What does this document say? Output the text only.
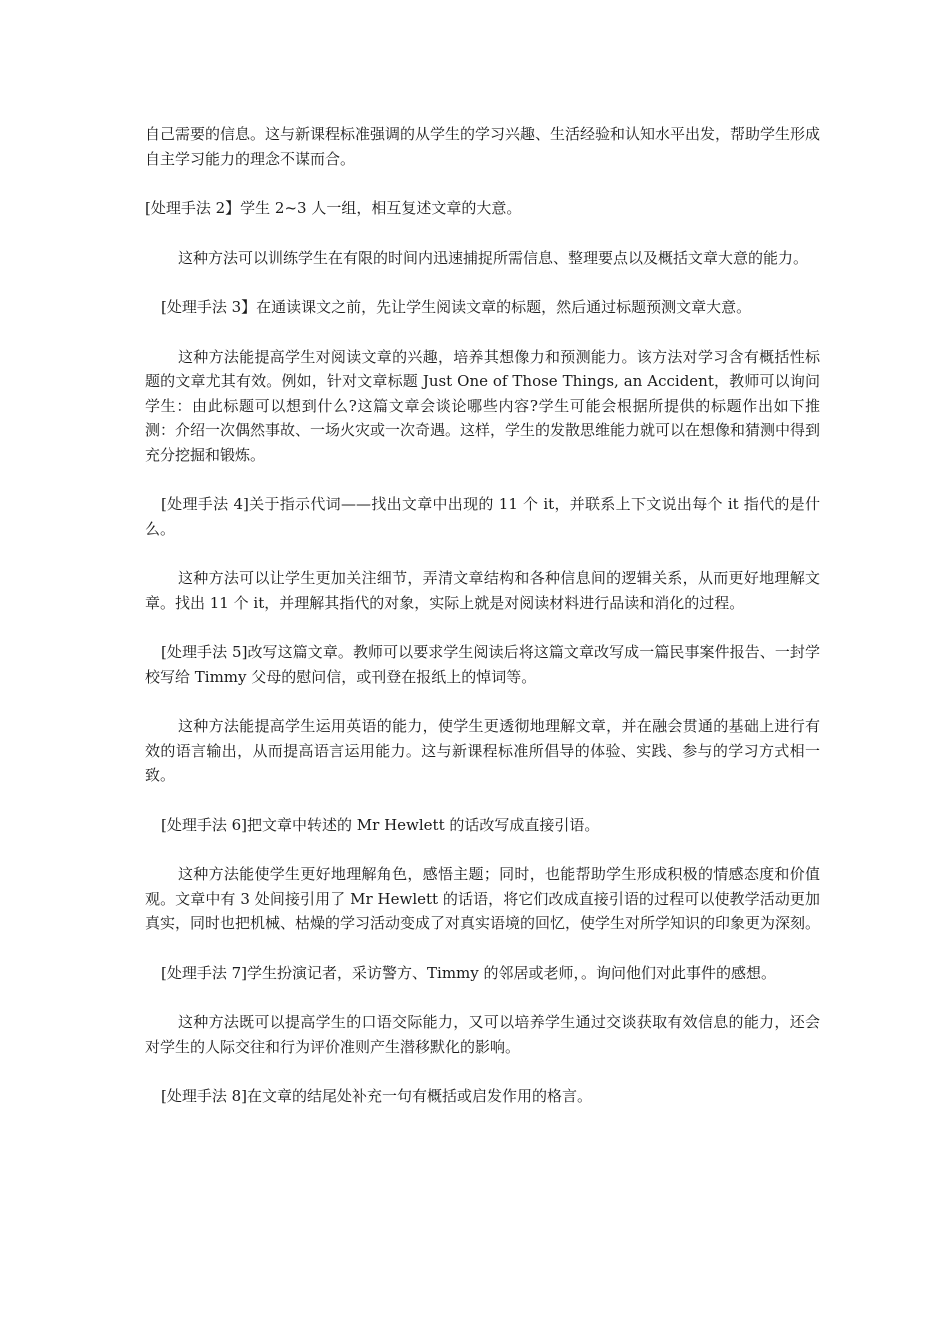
自己需要的信息。这与新课程标准强调的从学生的学习兴趣、生活经验和认知水平出发，帮助学生形成自主学习能力的理念不谋而合。

[处理手法 2】学生 2~3 人一组，相互复述文章的大意。

这种方法可以训练学生在有限的时间内迅速捕捉所需信息、整理要点以及概括文章大意的能力。

[处理手法 3】在通读课文之前，先让学生阅读文章的标题，然后通过标题预测文章大意。

这种方法能提高学生对阅读文章的兴趣，培养其想像力和预测能力。该方法对学习含有概括性标题的文章尤其有效。例如，针对文章标题 Just One of Those Things, an Accident，教师可以询问学生：由此标题可以想到什么?这篇文章会谈论哪些内容?学生可能会根据所提供的标题作出如下推测：介绍一次偶然事故、一场火灾或一次奇遇。这样，学生的发散思维能力就可以在想像和猜测中得到充分挖掘和锻炼。

[处理手法 4]关于指示代词——找出文章中出现的 11 个 it，并联系上下文说出每个 it 指代的是什么。

这种方法可以让学生更加关注细节，弄清文章结构和各种信息间的逻辑关系，从而更好地理解文章。找出 11 个 it，并理解其指代的对象，实际上就是对阅读材料进行品读和消化的过程。

[处理手法 5]改写这篇文章。教师可以要求学生阅读后将这篇文章改写成一篇民事案件报告、一封学校写给 Timmy 父母的慰问信，或刊登在报纸上的悼词等。

这种方法能提高学生运用英语的能力，使学生更透彻地理解文章，并在融会贯通的基础上进行有效的语言输出，从而提高语言运用能力。这与新课程标准所倡导的体验、实践、参与的学习方式相一致。

[处理手法 6]把文章中转述的 Mr Hewlett 的话改写成直接引语。

这种方法能使学生更好地理解角色，感悟主题；同时，也能帮助学生形成积极的情感态度和价值观。文章中有 3 处间接引用了 Mr Hewlett 的话语，将它们改成直接引语的过程可以使教学活动更加真实，同时也把机械、枯燥的学习活动变成了对真实语境的回忆，使学生对所学知识的印象更为深刻。

[处理手法 7]学生扮演记者，采访警方、Timmy 的邻居或老师，。询问他们对此事件的感想。

这种方法既可以提高学生的口语交际能力，又可以培养学生通过交谈获取有效信息的能力，还会对学生的人际交往和行为评价准则产生潜移默化的影响。

[处理手法 8]在文章的结尾处补充一句有概括或启发作用的格言。
